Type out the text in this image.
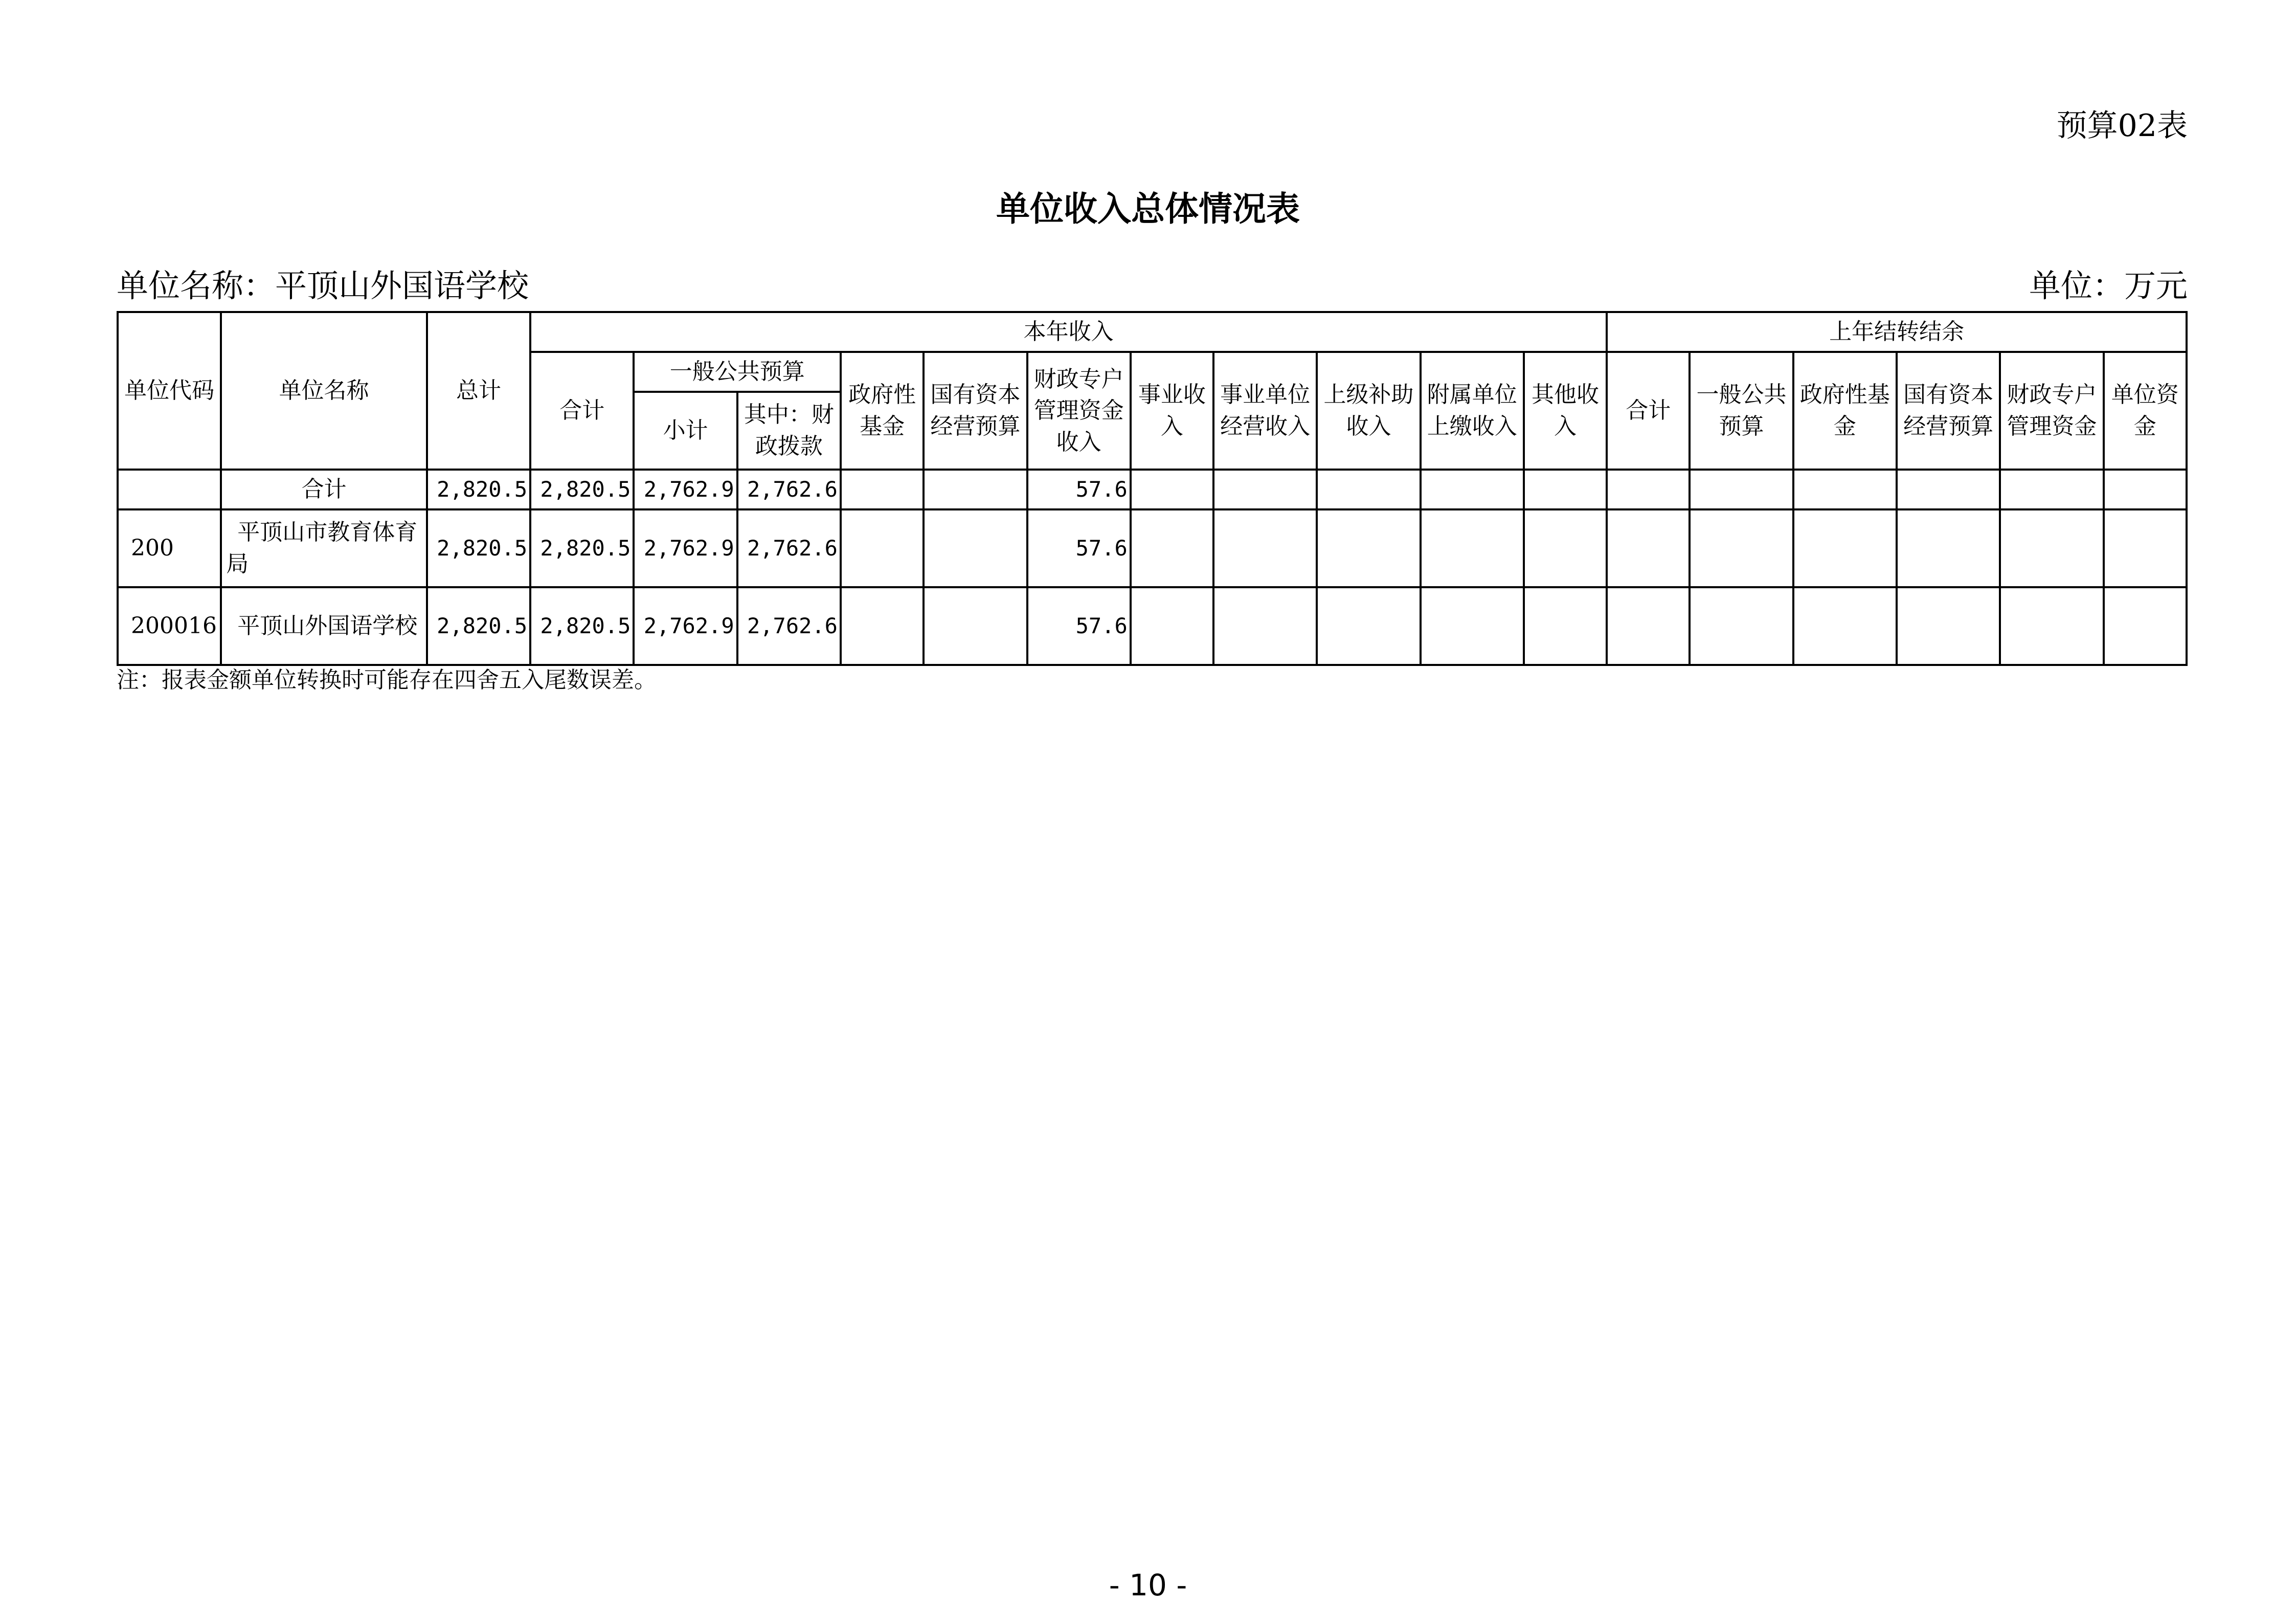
预算02表
单位收入总体情况表
单位名称：平顶山外国语学校	单位：万元
单位代码	单位名称	总计	本年收入											上年结转结余					
			合计	一般公共预算		政府性基金	国有资本经营预算	财政专户管理资金收入	事业收入	事业单位经营收入	上级补助收入	附属单位上缴收入	其他收入	合计	一般公共预算	政府性基金	国有资本经营预算	财政专户管理资金	单位资金
				小计	其中：财政拨款														
	合计	2,820.5	2,820.5	2,762.9	2,762.6			57.6											
200	平顶山市教育体育局	2,820.5	2,820.5	2,762.9	2,762.6			57.6											
200016	平顶山外国语学校	2,820.5	2,820.5	2,762.9	2,762.6			57.6											
注：报表金额单位转换时可能存在四舍五入尾数误差。
- 10 -
